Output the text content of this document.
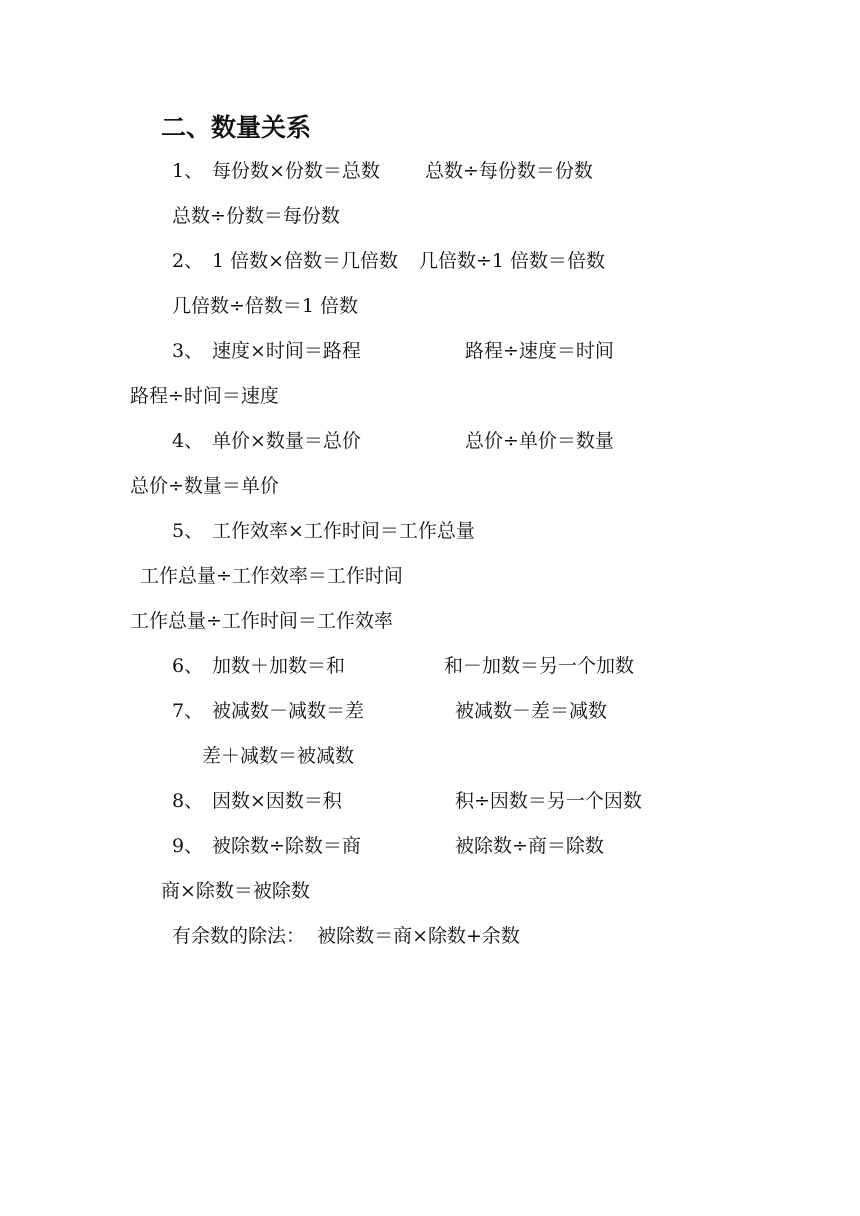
二、数量关系
1、 每份数×份数＝总数 总数÷每份数＝份数
总数÷份数＝每份数
2、 1 倍数×倍数＝几倍数 几倍数÷1 倍数＝倍数
几倍数÷倍数＝1 倍数
3、 速度×时间＝路程	路程÷速度＝时间
路程÷时间＝速度
4、 单价×数量＝总价	总价÷单价＝数量
总价÷数量＝单价
5、 工作效率×工作时间＝工作总量
工作总量÷工作效率＝工作时间
工作总量÷工作时间＝工作效率
6、 加数＋加数＝和	和－加数＝另一个加数
7、 被减数－减数＝差	被减数－差＝减数
差＋减数＝被减数
8、 因数×因数＝积	积÷因数＝另一个因数
9、 被除数÷除数＝商	被除数÷商＝除数
商×除数＝被除数
有余数的除法：  被除数＝商×除数+余数
